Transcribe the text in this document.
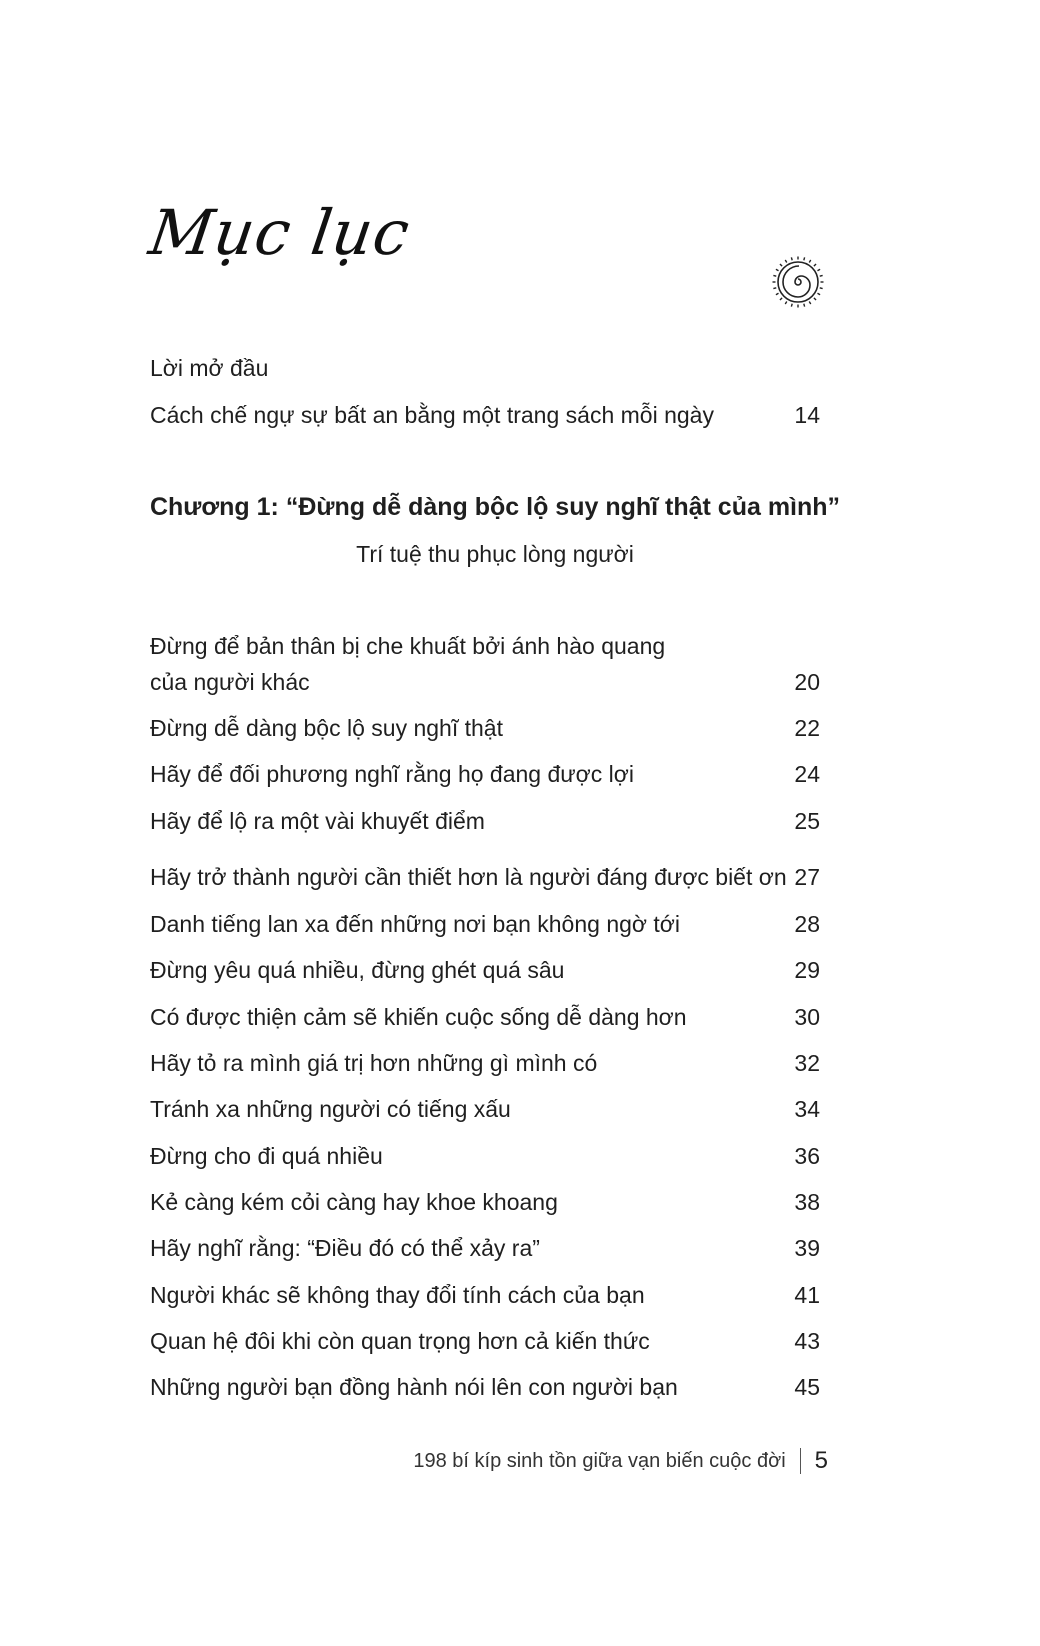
Mục lục
Lời mở đầu
Cách chế ngự sự bất an bằng một trang sách mỗi ngày	14
Chương 1: “Đừng dễ dàng bộc lộ suy nghĩ thật của mình”
Trí tuệ thu phục lòng người
Đừng để bản thân bị che khuất bởi ánh hào quang
của người khác	20
Đừng dễ dàng bộc lộ suy nghĩ thật	22
Hãy để đối phương nghĩ rằng họ đang được lợi	24
Hãy để lộ ra một vài khuyết điểm	25
Hãy trở thành người cần thiết hơn là người đáng được biết ơn 27
Danh tiếng lan xa đến những nơi bạn không ngờ tới	28
Đừng yêu quá nhiều, đừng ghét quá sâu	29
Có được thiện cảm sẽ khiến cuộc sống dễ dàng hơn	30
Hãy tỏ ra mình giá trị hơn những gì mình có	32
Tránh xa những người có tiếng xấu	34
Đừng cho đi quá nhiều	36
Kẻ càng kém cỏi càng hay khoe khoang	38
Hãy nghĩ rằng: “Điều đó có thể xảy ra”	39
Người khác sẽ không thay đổi tính cách của bạn	41
Quan hệ đôi khi còn quan trọng hơn cả kiến thức	43
Những người bạn đồng hành nói lên con người bạn	45
198 bí kíp sinh tồn giữa vạn biến cuộc đời 5
